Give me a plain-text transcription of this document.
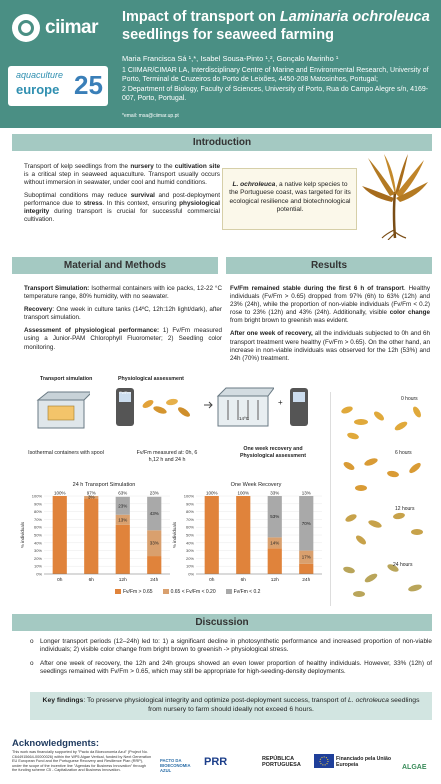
ciimar
aquaculture
europe 25
Impact of transport on Laminaria ochroleuca seedlings for seaweed farming

Maria Francisca Sá ¹,*, Isabel Sousa-Pinto ¹,², Gonçalo Marinho ¹

1 CIIMAR/CIMAR LA, Interdisciplinary Centre of Marine and Environmental Research, University of Porto, Terminal de Cruzeiros do Porto de Leixões, 4450-208 Matosinhos, Portugal;

2 Department of Biology, Faculty of Sciences, University of Porto, Rua do Campo Alegre s/n, 4169-007, Porto, Portugal.

*email: msa@ciimar.up.pt
Introduction

Transport of kelp seedlings from the nursery to the cultivation site is a critical step in seaweed aquaculture. Transport usually occurs without immersion in seawater, under cool and humid conditions.

Suboptimal conditions may reduce survival and post-deployment performance due to stress. In this context, ensuring physiological integrity during transport is crucial for successful commercial cultivation.

L. ochroleuca, a native kelp species to the Portuguese coast, was targeted for its ecological resilience and biotechnological potential.
Material and Methods	Results

Transport Simulation: Isothermal containers with ice packs, 12-22 °C temperature range, 80% humidity, with no seawater.

Recovery: One week in culture tanks (14ºC, 12h:12h light/dark), after transport simulation.

Assessment of physiological performance: 1) Fv/Fm measured using a Junior-PAM Chlorophyll Fluorometer; 2) Seedling color monitoring.

Fv/Fm remained stable during the first 6 h of transport. Healthy individuals (Fv/Fm > 0.65) dropped from 97% (6h) to 63% (12h) and 23% (24h), while the proportion of non-viable individuals (Fv/Fm < 0.2) rose to 23% (12h) and 43% (24h). Additionally, visible color change from bright brown to greenish was evident.

After one week of recovery, all the individuals subjected to 0h and 6h transport treatment were healthy (Fv/Fm > 0.65). On the other hand, an increase in non-viable individuals was observed for the 12h (53%) and 24h (70%) treatment.

Transport simulation	Physiological assessment
Isothermal containers with spool
Fv/Fm
Fv/Fm measured at: 0h, 6 h,12 h and 24 h
14ºC
+
One week recovery and Physiological assessment
24 h Transport Simulation	One Week Recovery
0%
10%
20%
30%
40%
50%
60%
70%
80%
90%
100%
% individuals
100%
0h
97%
3%
6h
63%
13%
23%
12h
23%
33%
43%
24h
0%
10%
20%
30%
40%
50%
60%
70%
80%
90%
100%
% individuals
100%
0h
100%
6h
33%
14%
53%
12h
13%
17%
70%
24h
Fv/Fm > 0.65	0.65 < Fv/Fm < 0.20	Fv/Fm < 0.2
0 hours
6 hours
12 hours
24 hours
Discussion
o Longer transport periods (12–24h) led to: 1) a significant decline in photosynthetic performance and increased proportion of non-viable individuals; 2) visible color change from bright brown to greenish -> physiological stress.
o After one week of recovery, the 12h and 24h groups showed an even lower proportion of healthy individuals. However, 33% (12h) of seedlings remained with Fv/Fm > 0.65, which may still be appropriate for high-seeding-density deployments.
Key findings: To preserve physiological integrity and optimize post-deployment success, transport of L. ochroleuca seedlings from nursery to farm should ideally not exceed 6 hours.
Acknowledgments:
This work was financially supported by "Pacto da Bioeconomia Azul" (Project No. C644915664-00000026) within the WP5 Algae Vertical, funded by Next Generation EU European Fund and the Portuguese Recovery and Resilience Plan (RRP), under the scope of the incentive line "Agendas for Business Innovation" through the funding scheme C5 - Capitalization and Business Innovation.
PACTO DA BIOECONOMIA AZUL
PRR	REPÚBLICA PORTUGUESA
Financiado pela União Europeia	ALGAE
